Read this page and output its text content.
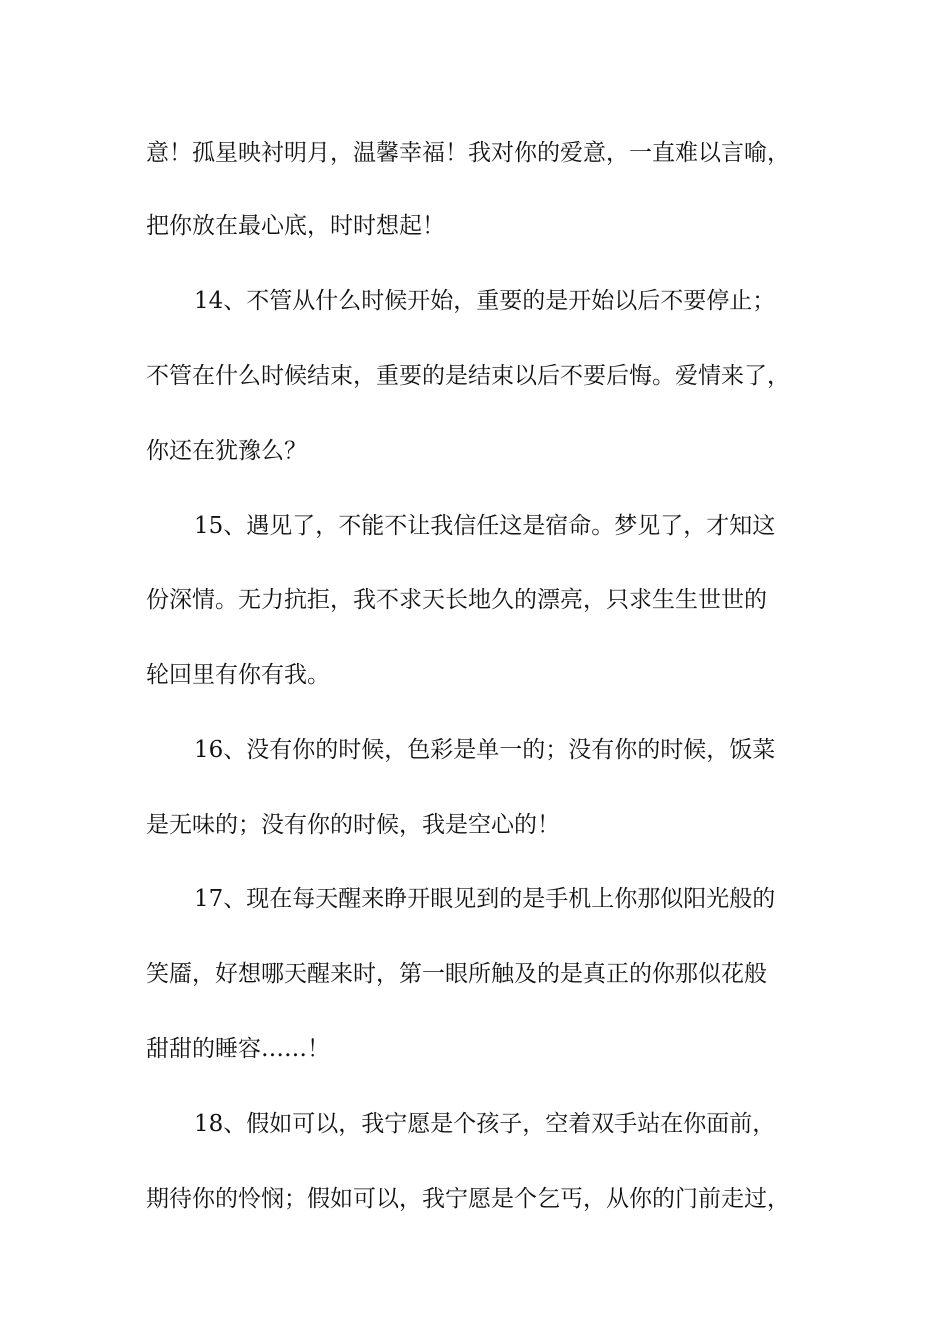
意！孤星映衬明月，温馨幸福！我对你的爱意，一直难以言喻，
把你放在最心底，时时想起！
14、不管从什么时候开始，重要的是开始以后不要停止；
不管在什么时候结束，重要的是结束以后不要后悔。爱情来了，
你还在犹豫么？
15、遇见了，不能不让我信任这是宿命。梦见了，才知这
份深情。无力抗拒，我不求天长地久的漂亮，只求生生世世的
轮回里有你有我。
16、没有你的时候，色彩是单一的；没有你的时候，饭菜
是无味的；没有你的时候，我是空心的！
17、现在每天醒来睁开眼见到的是手机上你那似阳光般的
笑靥，好想哪天醒来时，第一眼所触及的是真正的你那似花般
甜甜的睡容……！
18、假如可以，我宁愿是个孩子，空着双手站在你面前，
期待你的怜悯；假如可以，我宁愿是个乞丐，从你的门前走过，
